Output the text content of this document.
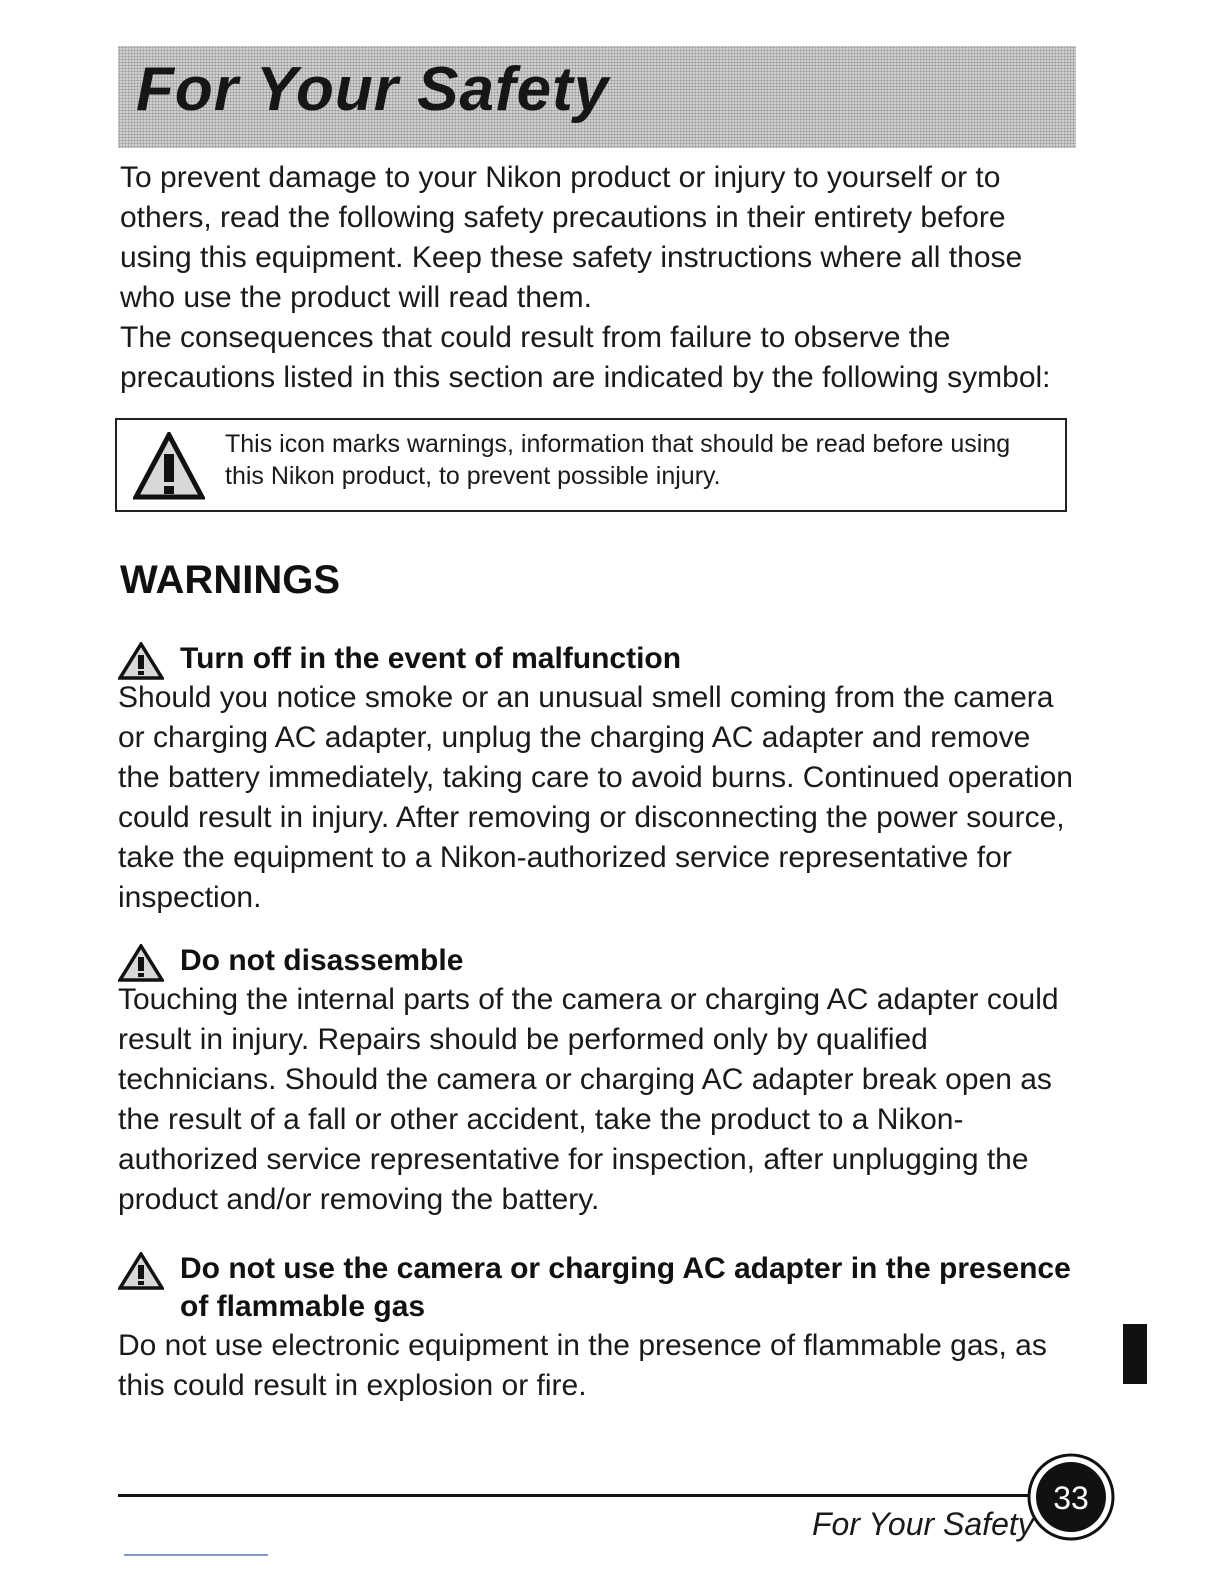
For Your Safety

To prevent damage to your Nikon product or injury to yourself or to others, read the following safety precautions in their entirety before using this equipment. Keep these safety instructions where all those who use the product will read them.

The consequences that could result from failure to observe the precautions listed in this section are indicated by the following symbol:

This icon marks warnings, information that should be read before using this Nikon product, to prevent possible injury.
WARNINGS
Turn off in the event of malfunction

Should you notice smoke or an unusual smell coming from the camera or charging AC adapter, unplug the charging AC adapter and remove the battery immediately, taking care to avoid burns. Continued operation could result in injury. After removing or disconnecting the power source, take the equipment to a Nikon-authorized service representative for inspection.

Do not disassemble

Touching the internal parts of the camera or charging AC adapter could result in injury. Repairs should be performed only by qualified technicians. Should the camera or charging AC adapter break open as the result of a fall or other accident, take the product to a Nikon-authorized service representative for inspection, after unplugging the product and/or removing the battery.

Do not use the camera or charging AC adapter in the presence of flammable gas

Do not use electronic equipment in the presence of flammable gas, as this could result in explosion or fire.

For Your Safety
33
